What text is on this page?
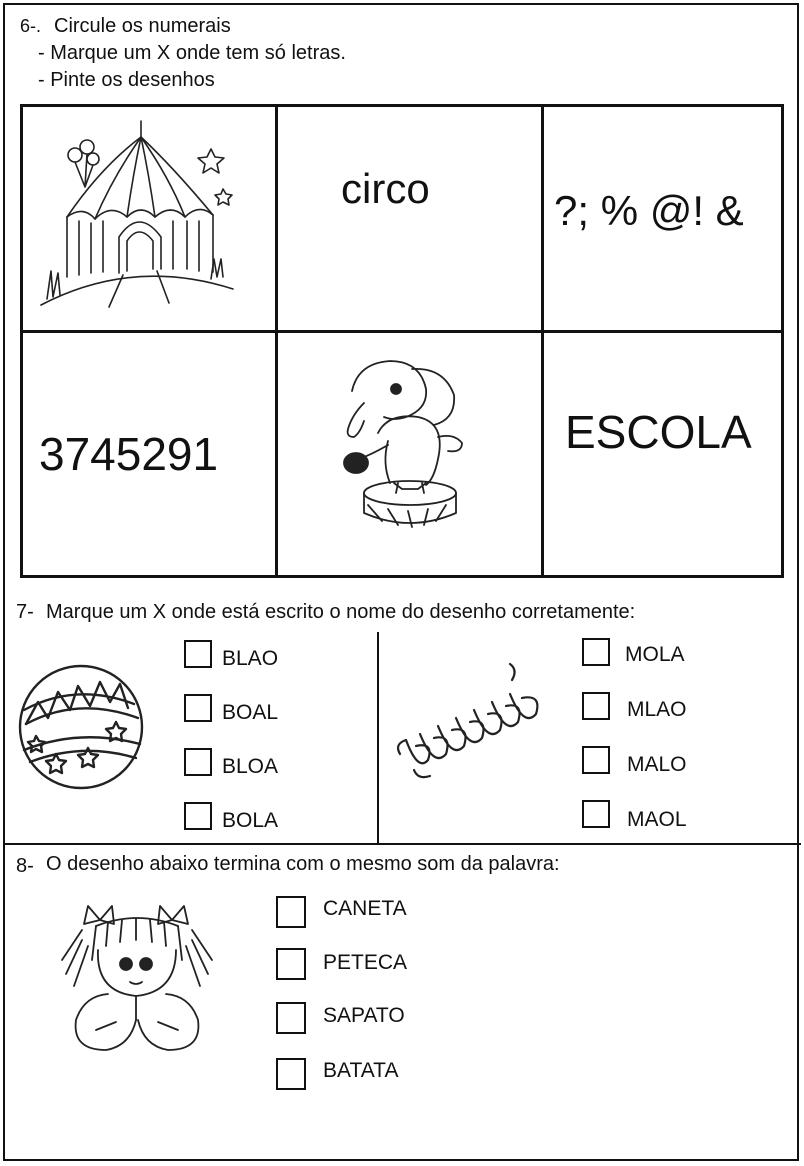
6-. Circule os numerais
- Marque um X onde tem só letras.
- Pinte os desenhos
circo	?; % @! &
3745291	ESCOLA
7- Marque um X onde está escrito o nome do desenho corretamente:
BLAO
BOAL
BLOA
BOLA
MOLA
MLAO
MALO
MAOL
8- O desenho abaixo termina com o mesmo som da palavra:
CANETA
PETECA
SAPATO
BATATA
